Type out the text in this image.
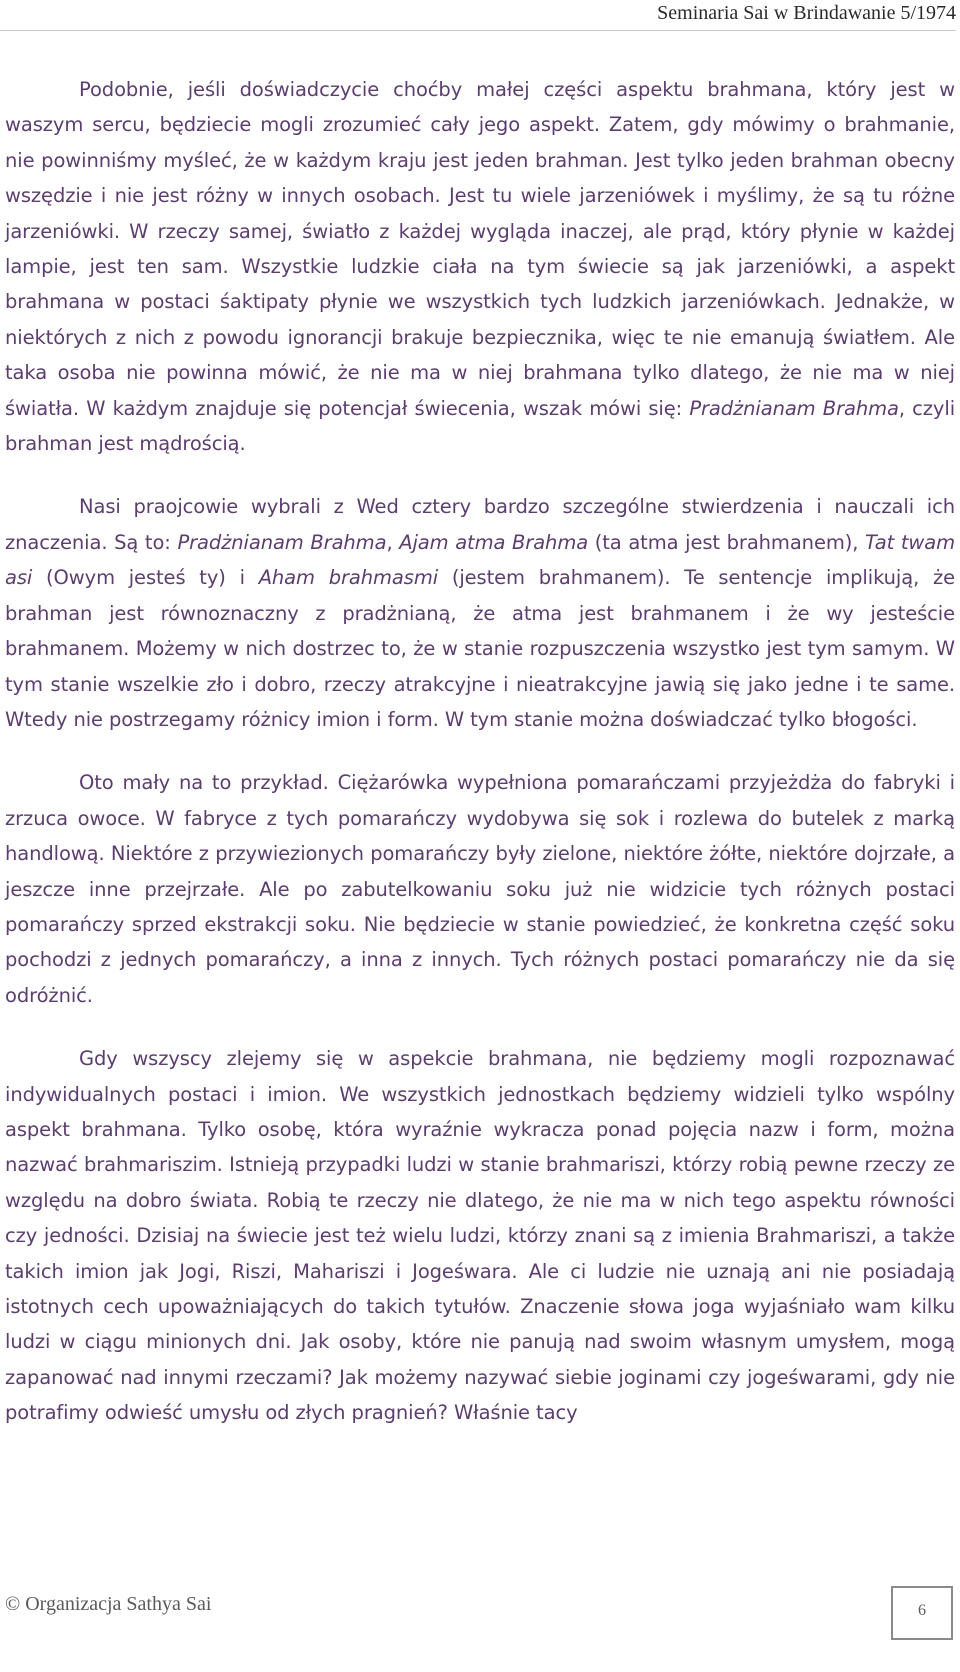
Seminaria Sai w Brindawanie 5/1974

Podobnie, jeśli doświadczycie choćby małej części aspektu brahmana, który jest w waszym sercu, będziecie mogli zrozumieć cały jego aspekt. Zatem, gdy mówimy o brahmanie, nie powinniśmy myśleć, że w każdym kraju jest jeden brahman. Jest tylko jeden brahman obecny wszędzie i nie jest różny w innych osobach. Jest tu wiele jarzeniówek i myślimy, że są tu różne jarzeniówki. W rzeczy samej, światło z każdej wygląda inaczej, ale prąd, który płynie w każdej lampie, jest ten sam. Wszystkie ludzkie ciała na tym świecie są jak jarzeniówki, a aspekt brahmana w postaci śaktipaty płynie we wszystkich tych ludzkich jarzeniówkach. Jednakże, w niektórych z nich z powodu ignorancji brakuje bezpiecznika, więc te nie emanują światłem. Ale taka osoba nie powinna mówić, że nie ma w niej brahmana tylko dlatego, że nie ma w niej światła. W każdym znajduje się potencjał świecenia, wszak mówi się: Pradżnianam Brahma, czyli brahman jest mądrością.

Nasi praojcowie wybrali z Wed cztery bardzo szczególne stwierdzenia i nauczali ich znaczenia. Są to: Pradżnianam Brahma, Ajam atma Brahma (ta atma jest brahmanem), Tat twam asi (Owym jesteś ty) i Aham brahmasmi (jestem brahmanem). Te sentencje implikują, że brahman jest równoznaczny z pradżnianą, że atma jest brahmanem i że wy jesteście brahmanem. Możemy w nich dostrzec to, że w stanie rozpuszczenia wszystko jest tym samym. W tym stanie wszelkie zło i dobro, rzeczy atrakcyjne i nieatrakcyjne jawią się jako jedne i te same. Wtedy nie postrzegamy różnicy imion i form. W tym stanie można doświadczać tylko błogości.

Oto mały na to przykład. Ciężarówka wypełniona pomarańczami przyjeżdża do fabryki i zrzuca owoce. W fabryce z tych pomarańczy wydobywa się sok i rozlewa do butelek z marką handlową. Niektóre z przywiezionych pomarańczy były zielone, niektóre żółte, niektóre dojrzałe, a jeszcze inne przejrzałe. Ale po zabutelkowaniu soku już nie widzicie tych różnych postaci pomarańczy sprzed ekstrakcji soku. Nie będziecie w stanie powiedzieć, że konkretna część soku pochodzi z jednych pomarańczy, a inna z innych. Tych różnych postaci pomarańczy nie da się odróżnić.

Gdy wszyscy zlejemy się w aspekcie brahmana, nie będziemy mogli rozpoznawać indywidualnych postaci i imion. We wszystkich jednostkach będziemy widzieli tylko wspólny aspekt brahmana. Tylko osobę, która wyraźnie wykracza ponad pojęcia nazw i form, można nazwać brahmariszim. Istnieją przypadki ludzi w stanie brahmariszi, którzy robią pewne rzeczy ze względu na dobro świata. Robią te rzeczy nie dlatego, że nie ma w nich tego aspektu równości czy jedności. Dzisiaj na świecie jest też wielu ludzi, którzy znani są z imienia Brahmariszi, a także takich imion jak Jogi, Riszi, Mahariszi i Jogeśwara. Ale ci ludzie nie uznają ani nie posiadają istotnych cech upoważniających do takich tytułów. Znaczenie słowa joga wyjaśniało wam kilku ludzi w ciągu minionych dni. Jak osoby, które nie panują nad swoim własnym umysłem, mogą zapanować nad innymi rzeczami? Jak możemy nazywać siebie joginami czy jogeśwarami, gdy nie potrafimy odwieść umysłu od złych pragnień? Właśnie tacy

© Organizacja Sathya Sai	6
